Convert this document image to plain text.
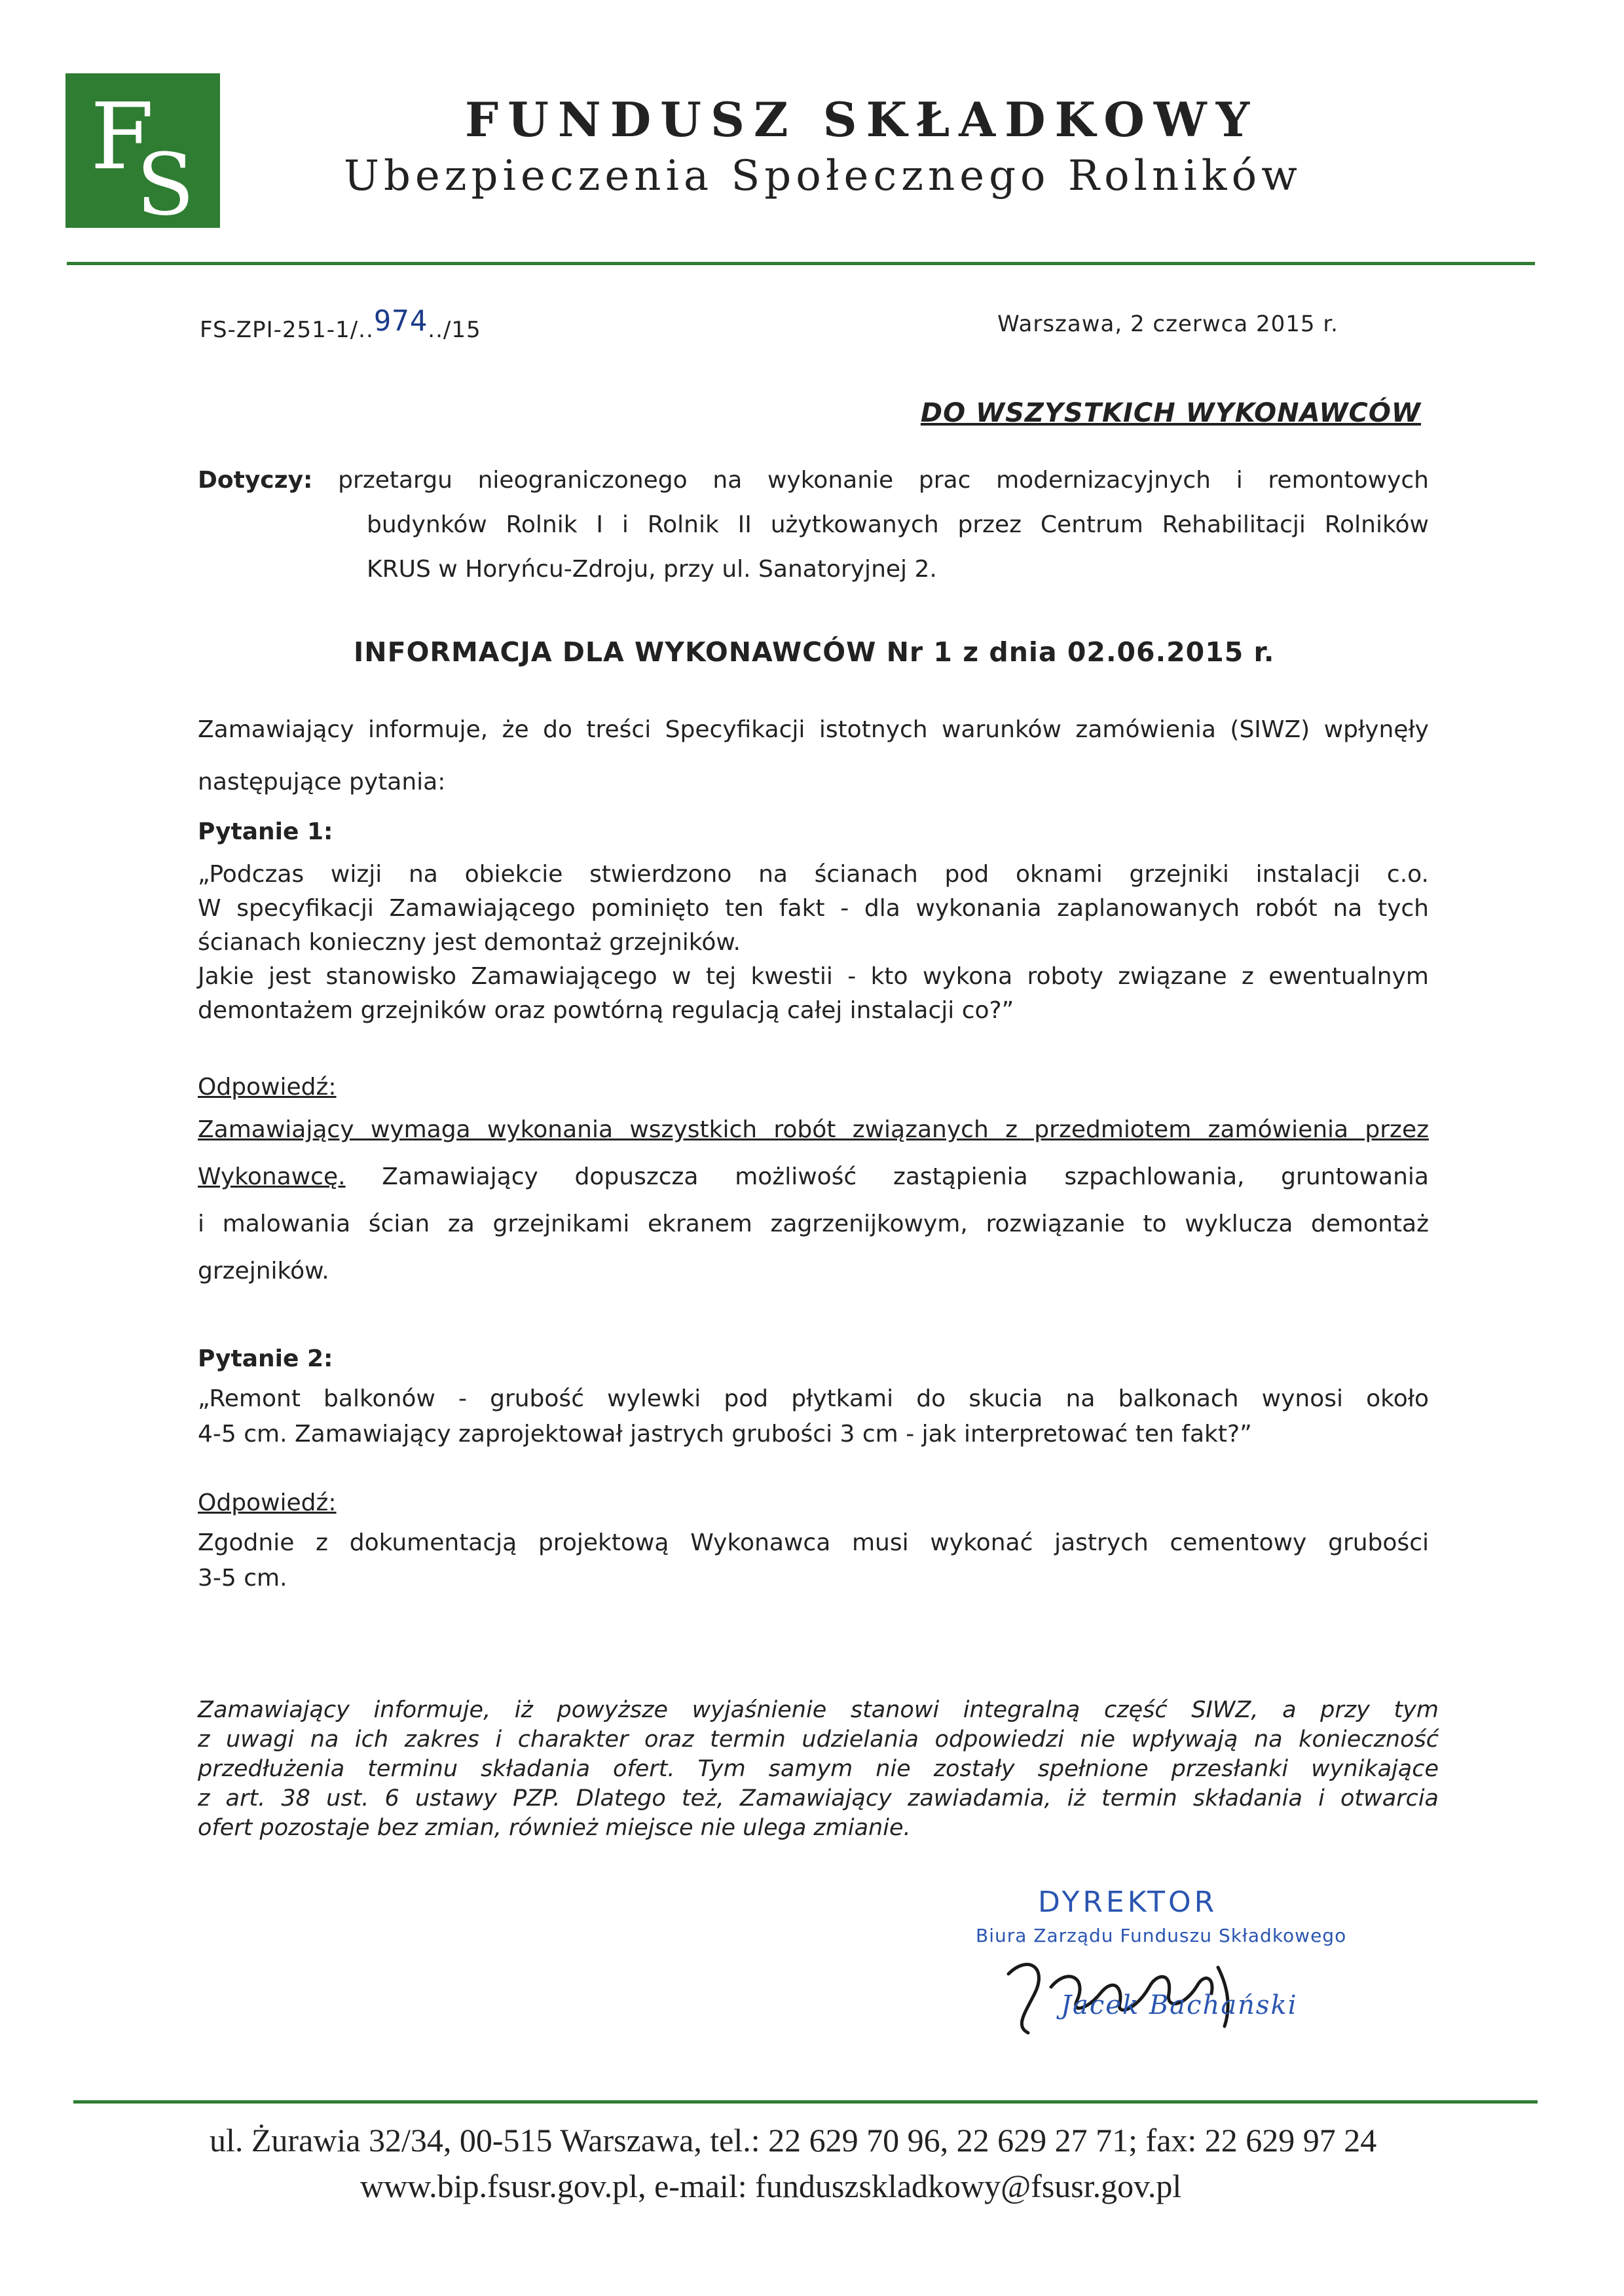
F
S
FUNDUSZ SKŁADKOWY
Ubezpieczenia Społecznego Rolników
FS-ZPI-251-1/..974../15	Warszawa, 2 czerwca 2015 r.
DO WSZYSTKICH WYKONAWCÓW
Dotyczy: przetargu nieograniczonego na wykonanie prac modernizacyjnych i remontowych
budynków Rolnik I i Rolnik II użytkowanych przez Centrum Rehabilitacji Rolników
KRUS w Horyńcu-Zdroju, przy ul. Sanatoryjnej 2.
INFORMACJA DLA WYKONAWCÓW Nr 1 z dnia 02.06.2015 r.
Zamawiający informuje, że do treści Specyfikacji istotnych warunków zamówienia (SIWZ) wpłynęły
następujące pytania:
Pytanie 1:
„Podczas wizji na obiekcie stwierdzono na ścianach pod oknami grzejniki instalacji c.o.
W specyfikacji Zamawiającego pominięto ten fakt - dla wykonania zaplanowanych robót na tych
ścianach konieczny jest demontaż grzejników.
Jakie jest stanowisko Zamawiającego w tej kwestii - kto wykona roboty związane z ewentualnym
demontażem grzejników oraz powtórną regulacją całej instalacji co?”
Odpowiedź:
Zamawiający wymaga wykonania wszystkich robót związanych z przedmiotem zamówienia przez
Wykonawcę. Zamawiający dopuszcza możliwość zastąpienia szpachlowania, gruntowania
i malowania ścian za grzejnikami ekranem zagrzenijkowym, rozwiązanie to wyklucza demontaż
grzejników.
Pytanie 2:
„Remont balkonów - grubość wylewki pod płytkami do skucia na balkonach wynosi około
4-5 cm. Zamawiający zaprojektował jastrych grubości 3 cm - jak interpretować ten fakt?”
Odpowiedź:
Zgodnie z dokumentacją projektową Wykonawca musi wykonać jastrych cementowy grubości
3-5 cm.
Zamawiający informuje, iż powyższe wyjaśnienie stanowi integralną część SIWZ, a przy tym
z uwagi na ich zakres i charakter oraz termin udzielania odpowiedzi nie wpływają na konieczność
przedłużenia terminu składania ofert. Tym samym nie zostały spełnione przesłanki wynikające
z art. 38 ust. 6 ustawy PZP. Dlatego też, Zamawiający zawiadamia, iż termin składania i otwarcia
ofert pozostaje bez zmian, również miejsce nie ulega zmianie.
DYREKTOR
Biura Zarządu Funduszu Składkowego
Jacek Bachański
ul. Żurawia 32/34, 00-515 Warszawa, tel.: 22 629 70 96, 22 629 27 71; fax: 22 629 97 24
www.bip.fsusr.gov.pl, e-mail: funduszskladkowy@fsusr.gov.pl
